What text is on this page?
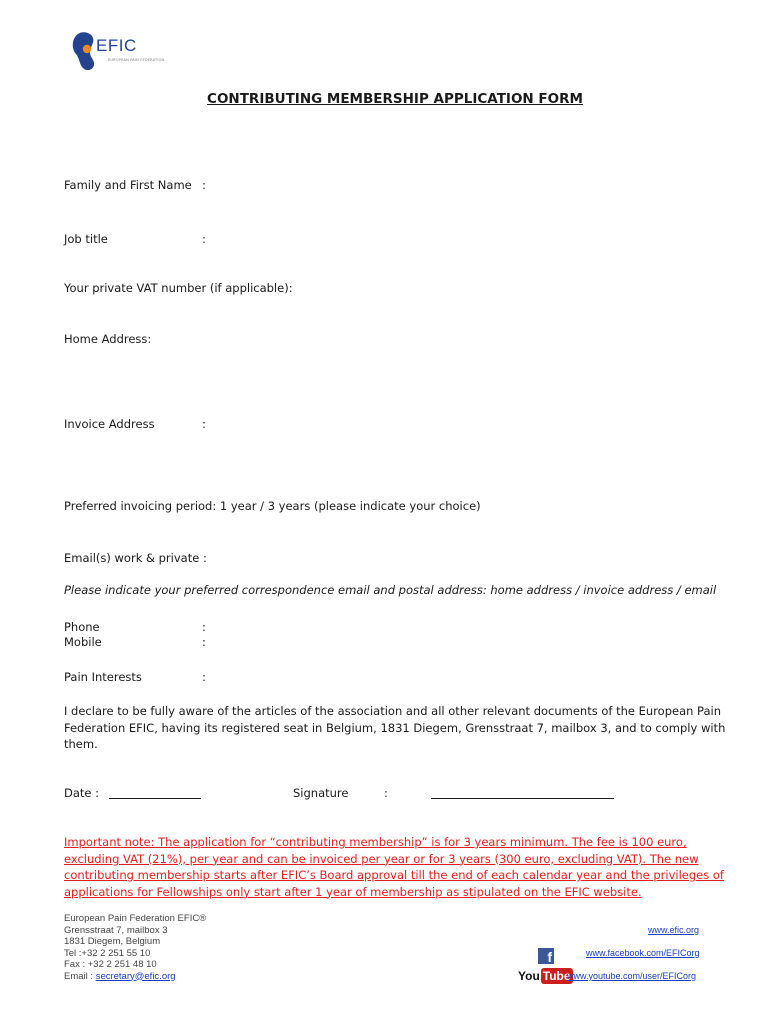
EFIC
EUROPEAN PAIN FEDERATION
CONTRIBUTING MEMBERSHIP APPLICATION FORM
Family and First Name :
Job title	:
Your private VAT number (if applicable):
Home Address:
Invoice Address	:
Preferred invoicing period: 1 year / 3 years (please indicate your choice)
Email(s) work & private :
Please indicate your preferred correspondence email and postal address: home address / invoice address / email
Phone	:
Mobile	:
Pain Interests	:
I declare to be fully aware of the articles of the association and all other relevant documents of the European Pain Federation EFIC, having its registered seat in Belgium, 1831 Diegem, Grensstraat 7, mailbox 3, and to comply with them.
Date :	Signature	:
Important note: The application for “contributing membership” is for 3 years minimum. The fee is 100 euro, excluding VAT (21%), per year and can be invoiced per year or for 3 years (300 euro, excluding VAT). The new contributing membership starts after EFIC’s Board approval till the end of each calendar year and the privileges of applications for Fellowships only start after 1 year of membership as stipulated on the EFIC website.
European Pain Federation EFIC®
Grensstraat 7, mailbox 3
1831 Diegem, Belgium
Tel :+32 2 251 55 10
Fax : +32 2 251 48 10
Email : secretary@efic.org
www.efic.org
f	www.facebook.com/EFICorg
You Tube
www.youtube.com/user/EFICorg
